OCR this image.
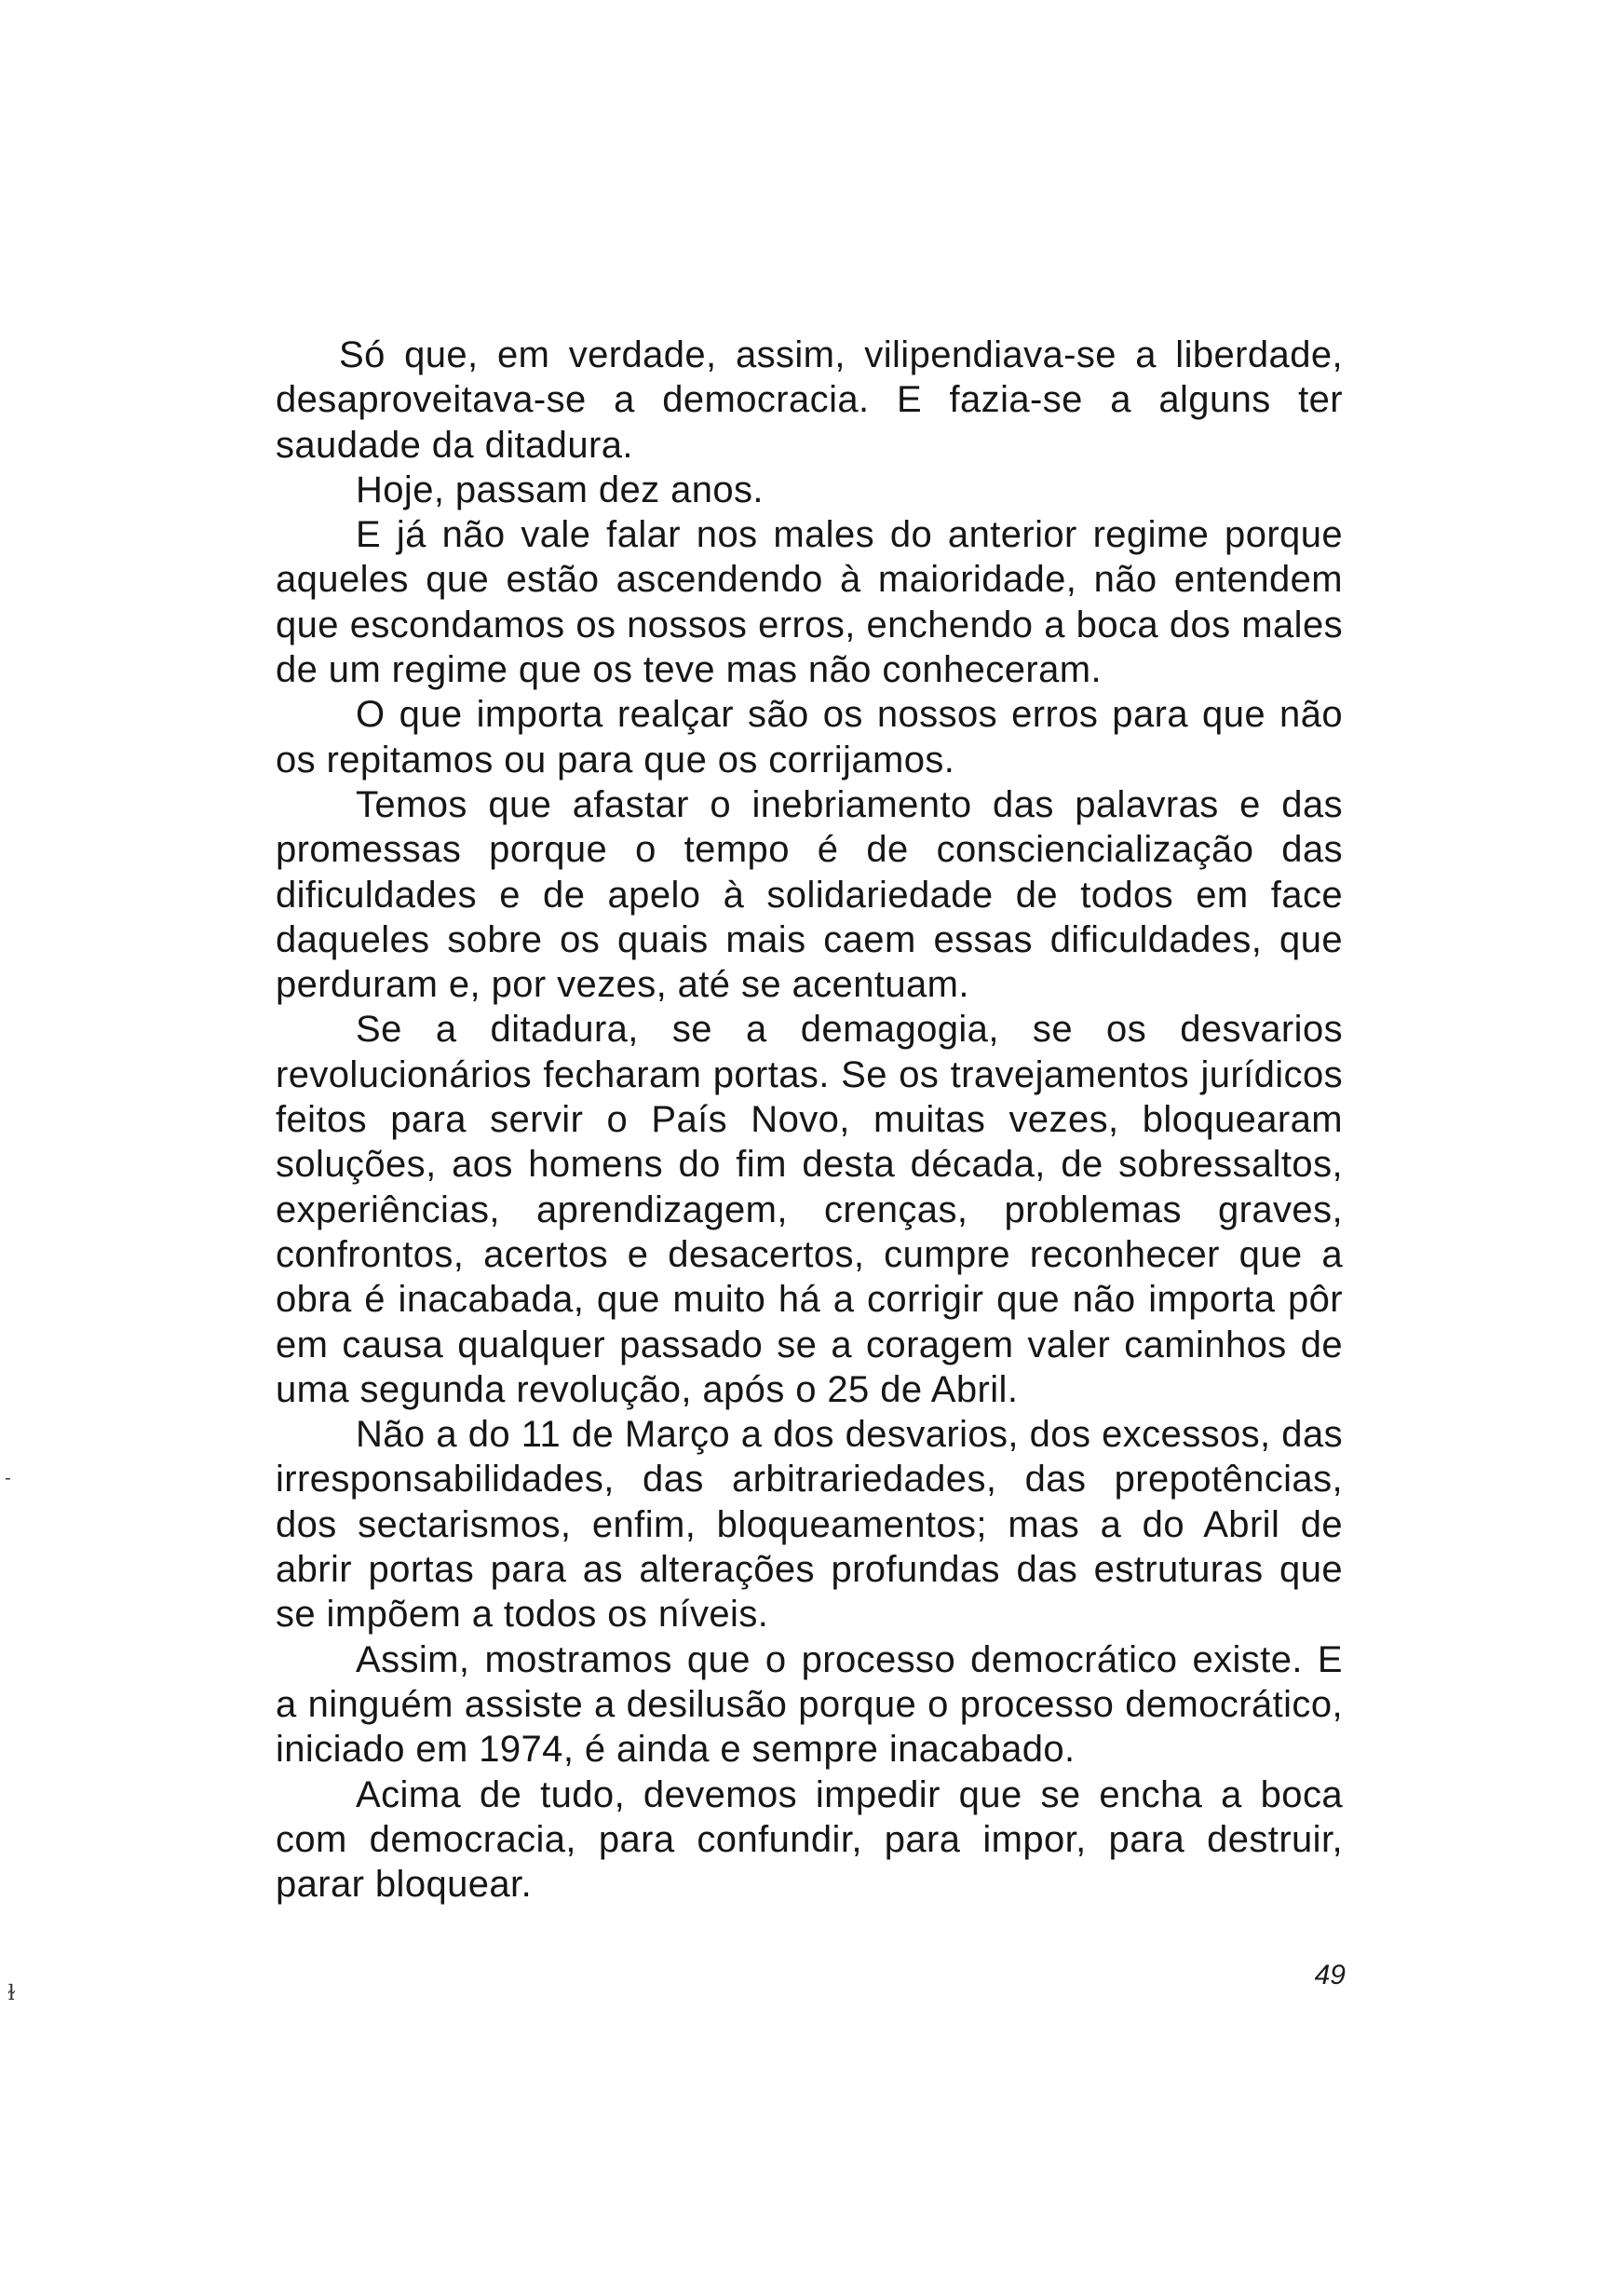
Só que, em verdade, assim, vilipendiava-se a liberdade, desaproveitava-se a democracia. E fazia-se a alguns ter saudade da ditadura.

Hoje, passam dez anos.

E já não vale falar nos males do anterior regime porque aqueles que estão ascendendo à maioridade, não entendem que escondamos os nossos erros, enchendo a boca dos males de um regime que os teve mas não conheceram.

O que importa realçar são os nossos erros para que não os repitamos ou para que os corrijamos.

Temos que afastar o inebriamento das palavras e das promessas porque o tempo é de consciencialização das dificuldades e de apelo à solidariedade de todos em face daqueles sobre os quais mais caem essas dificuldades, que perduram e, por vezes, até se acentuam.

Se a ditadura, se a demagogia, se os desvarios revolucionários fecharam portas. Se os travejamentos jurídicos feitos para servir o País Novo, muitas vezes, bloquearam soluções, aos homens do fim desta década, de sobressaltos, experiências, aprendizagem, crenças, problemas graves, confrontos, acertos e desacertos, cumpre reconhecer que a obra é inacabada, que muito há a corrigir que não importa pôr em causa qualquer passado se a coragem valer caminhos de uma segunda revolução, após o 25 de Abril.

Não a do 11 de Março a dos desvarios, dos excessos, das irresponsabilidades, das arbitrariedades, das prepotências, dos sectarismos, enfim, bloqueamentos; mas a do Abril de abrir portas para as alterações profundas das estruturas que se impõem a todos os níveis.

Assim, mostramos que o processo democrático existe. E a ninguém assiste a desilusão porque o processo democrático, iniciado em 1974, é ainda e sempre inacabado.

Acima de tudo, devemos impedir que se encha a boca com democracia, para confundir, para impor, para destruir, parar bloquear.

49
-
ɫ
